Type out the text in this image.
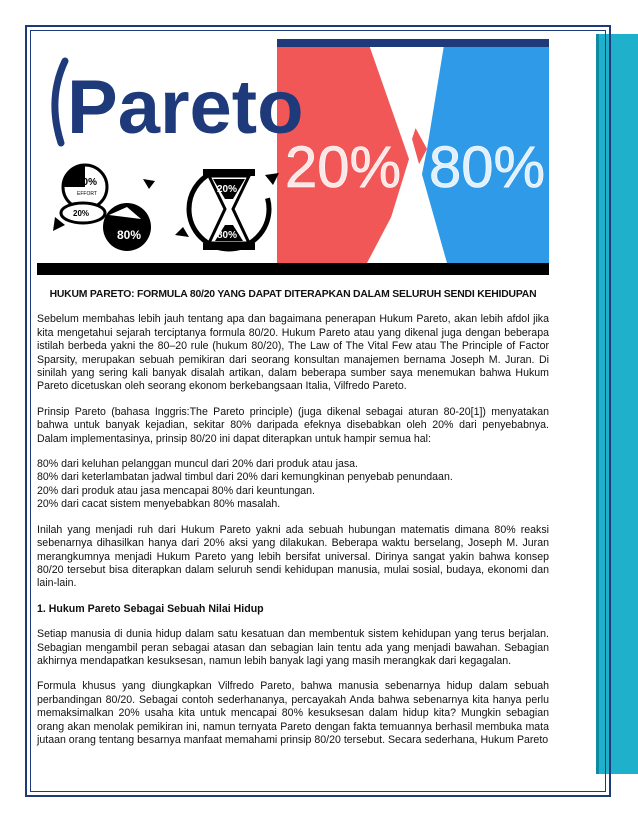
Pareto
20% 80%
80%
EFFORT
20%
80%
20%
80%
HUKUM PARETO: FORMULA 80/20 YANG DAPAT DITERAPKAN DALAM SELURUH SENDI KEHIDUPAN

Sebelum membahas lebih jauh tentang apa dan bagaimana penerapan Hukum Pareto, akan lebih afdol jika kita mengetahui sejarah terciptanya formula 80/20. Hukum Pareto atau yang dikenal juga dengan beberapa istilah berbeda yakni the 80–20 rule (hukum 80/20), The Law of The Vital Few atau The Principle of Factor Sparsity, merupakan sebuah pemikiran dari seorang konsultan manajemen bernama Joseph M. Juran. Di sinilah yang sering kali banyak disalah artikan, dalam beberapa sumber saya menemukan bahwa Hukum Pareto dicetuskan oleh seorang ekonom berkebangsaan Italia, Vilfredo Pareto.

Prinsip Pareto (bahasa Inggris:The Pareto principle) (juga dikenal sebagai aturan 80-20[1]) menyatakan bahwa untuk banyak kejadian, sekitar 80% daripada efeknya disebabkan oleh 20% dari penyebabnya. Dalam implementasinya, prinsip 80/20 ini dapat diterapkan untuk hampir semua hal:

80% dari keluhan pelanggan muncul dari 20% dari produk atau jasa.

80% dari keterlambatan jadwal timbul dari 20% dari kemungkinan penyebab penundaan.

20% dari produk atau jasa mencapai 80% dari keuntungan.

20% dari cacat sistem menyebabkan 80% masalah.

Inilah yang menjadi ruh dari Hukum Pareto yakni ada sebuah hubungan matematis dimana 80% reaksi sebenarnya dihasilkan hanya dari 20% aksi yang dilakukan. Beberapa waktu berselang, Joseph M. Juran merangkumnya menjadi Hukum Pareto yang lebih bersifat universal. Dirinya sangat yakin bahwa konsep 80/20 tersebut bisa diterapkan dalam seluruh sendi kehidupan manusia, mulai sosial, budaya, ekonomi dan lain-lain.

1. Hukum Pareto Sebagai Sebuah Nilai Hidup

Setiap manusia di dunia hidup dalam satu kesatuan dan membentuk sistem kehidupan yang terus berjalan. Sebagian mengambil peran sebagai atasan dan sebagian lain tentu ada yang menjadi bawahan. Sebagian akhirnya mendapatkan kesuksesan, namun lebih banyak lagi yang masih merangkak dari kegagalan.

Formula khusus yang diungkapkan Vilfredo Pareto, bahwa manusia sebenarnya hidup dalam sebuah perbandingan 80/20. Sebagai contoh sederhananya, percayakah Anda bahwa sebenarnya kita hanya perlu memaksimalkan 20% usaha kita untuk mencapai 80% kesuksesan dalam hidup kita? Mungkin sebagian orang akan menolak pemikiran ini, namun ternyata Pareto dengan fakta temuannya berhasil membuka mata jutaan orang tentang besarnya manfaat memahami prinsip 80/20 tersebut. Secara sederhana, Hukum Pareto
